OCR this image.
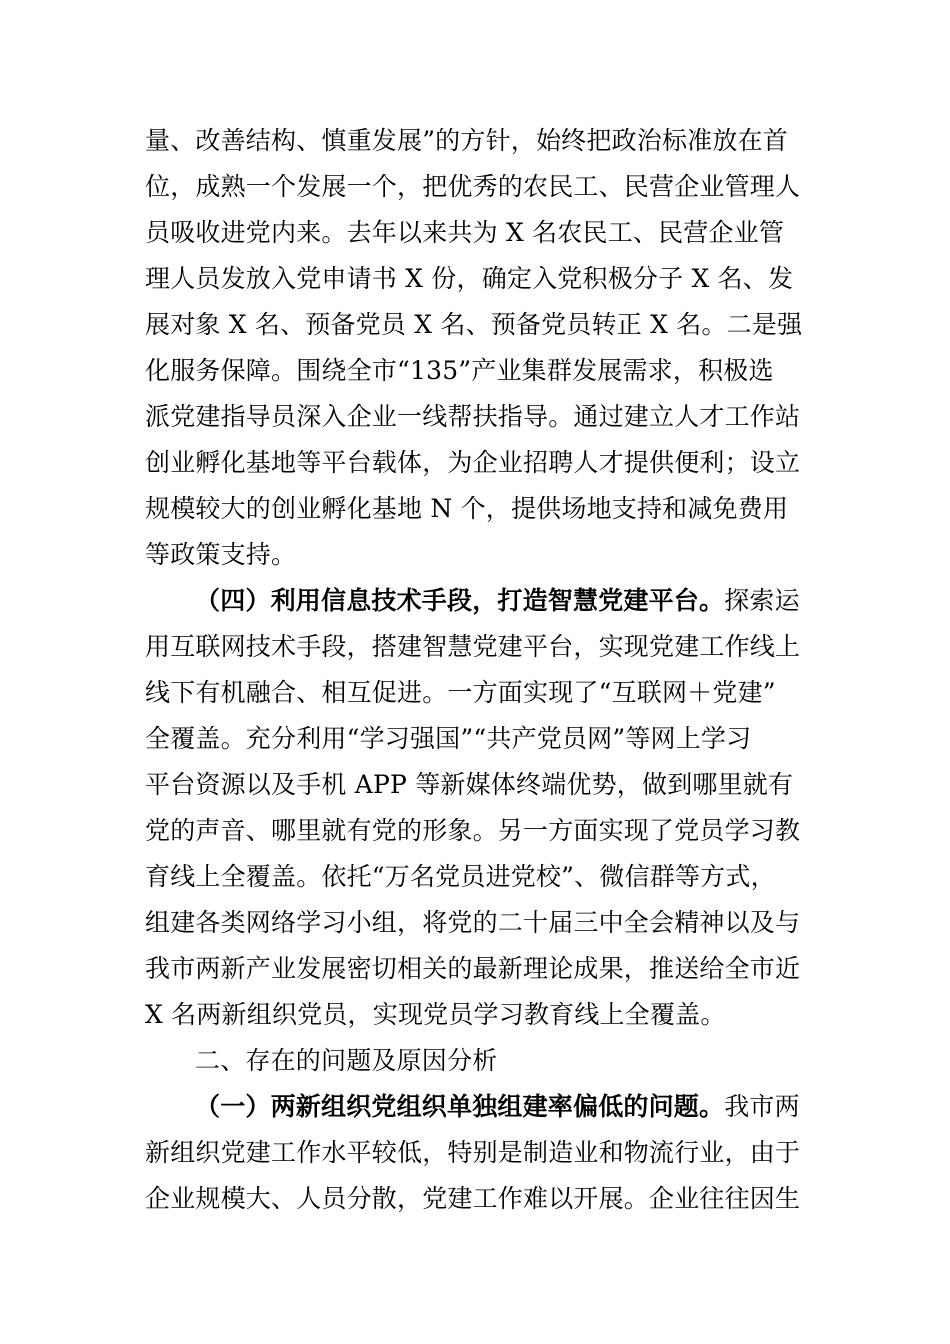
量、改善结构、慎重发展”的方针，始终把政治标准放在首
位，成熟一个发展一个，把优秀的农民工、民营企业管理人
员吸收进党内来。去年以来共为 X 名农民工、民营企业管
理人员发放入党申请书 X 份，确定入党积极分子 X 名、发
展对象 X 名、预备党员 X 名、预备党员转正 X 名。二是强
化服务保障。围绕全市“135”产业集群发展需求，积极选
派党建指导员深入企业一线帮扶指导。通过建立人才工作站
创业孵化基地等平台载体，为企业招聘人才提供便利；设立
规模较大的创业孵化基地 N 个，提供场地支持和减免费用
等政策支持。
（四）利用信息技术手段，打造智慧党建平台。探索运
用互联网技术手段，搭建智慧党建平台，实现党建工作线上
线下有机融合、相互促进。一方面实现了“互联网＋党建”
全覆盖。充分利用“学习强国”“共产党员网”等网上学习
平台资源以及手机 APP 等新媒体终端优势，做到哪里就有
党的声音、哪里就有党的形象。另一方面实现了党员学习教
育线上全覆盖。依托“万名党员进党校”、微信群等方式，
组建各类网络学习小组，将党的二十届三中全会精神以及与
我市两新产业发展密切相关的最新理论成果，推送给全市近
X 名两新组织党员，实现党员学习教育线上全覆盖。
二、存在的问题及原因分析
（一）两新组织党组织单独组建率偏低的问题。我市两
新组织党建工作水平较低，特别是制造业和物流行业，由于
企业规模大、人员分散，党建工作难以开展。企业往往因生
